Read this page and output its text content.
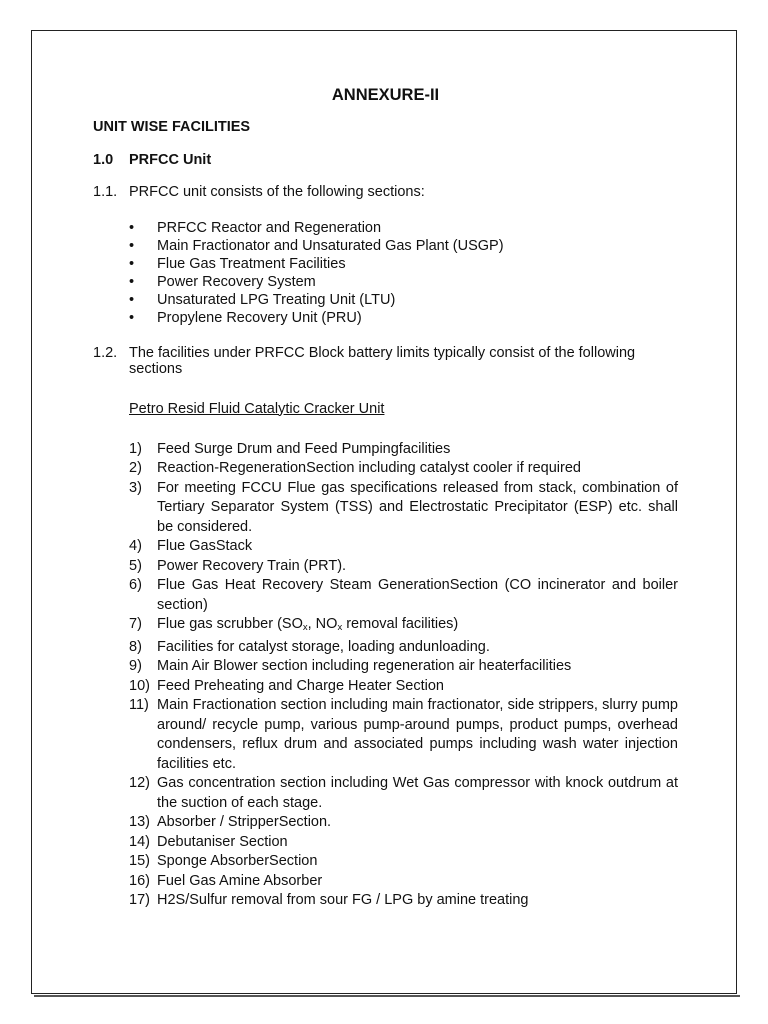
ANNEXURE-II

UNIT WISE FACILITIES

1.0 PRFCC Unit

1.1. PRFCC unit consists of the following sections:
•	PRFCC Reactor and Regeneration
•	Main Fractionator and Unsaturated Gas Plant (USGP)
•	Flue Gas Treatment Facilities
•	Power Recovery System
•	Unsaturated LPG Treating Unit (LTU)
•	Propylene Recovery Unit (PRU)
1.2. The facilities under PRFCC Block battery limits typically consist of the following sections

Petro Resid Fluid Catalytic Cracker Unit

1)	Feed Surge Drum and Feed Pumpingfacilities
2)	Reaction-RegenerationSection including catalyst cooler if required
3)	For meeting FCCU Flue gas specifications released from stack, combination of Tertiary Separator System (TSS) and Electrostatic Precipitator (ESP) etc. shall be considered.
4)	Flue GasStack
5)	Power Recovery Train (PRT).
6)	Flue Gas Heat Recovery Steam GenerationSection (CO incinerator and boiler section)
7)	Flue gas scrubber ($SO_x$, $NO_x$ removal facilities)
8)	Facilities for catalyst storage, loading andunloading.
9)	Main Air Blower section including regeneration air heaterfacilities
10) Feed Preheating and Charge Heater Section
11) Main Fractionation section including main fractionator, side strippers, slurry pump around/ recycle pump, various pump-around pumps, product pumps, overhead condensers, reflux drum and associated pumps including wash water injection facilities etc.
12) Gas concentration section including Wet Gas compressor with knock outdrum at the suction of each stage.
13) Absorber / StripperSection.
14) Debutaniser Section
15) Sponge AbsorberSection
16) Fuel Gas Amine Absorber
17) H2S/Sulfur removal from sour FG / LPG by amine treating
